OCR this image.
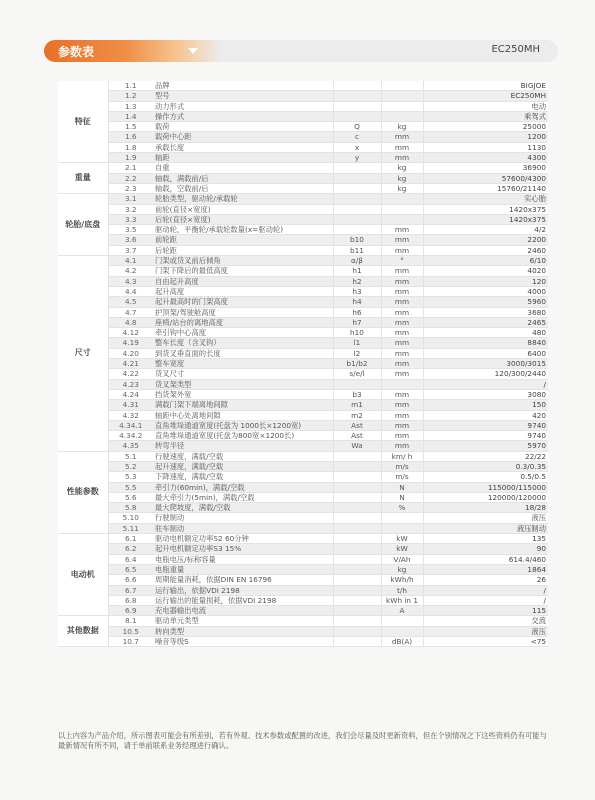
参数表	EC250MH
特征	1.1	品牌			BIGJOE
	1.2	型号			EC250MH
	1.3	动力形式			电动
	1.4	操作方式			乘驾式
	1.5	载荷	Q	kg	25000
	1.6	载荷中心距	c	mm	1200
	1.8	承载长度	x	mm	1130
	1.9	轴距	y	mm	4300
重量	2.1	自重		kg	36900
	2.2	轴载，满载前/后		kg	57600/4300
	2.3	轴载，空载前/后		kg	15760/21140
轮胎/底盘	3.1	轮胎类型，驱动轮/承载轮			实心胎
	3.2	前轮(直径×宽度)			1420x375
	3.3	后轮(直径×宽度)			1420x375
	3.5	驱动轮，平衡轮/承载轮数量(x=驱动轮)		mm	4/2
	3.6	前轮距	b10	mm	2200
	3.7	后轮距	b11	mm	2460
尺寸	4.1	门架或货叉前后倾角	α/β	°	6/10
	4.2	门架下降后的最低高度	h1	mm	4020
	4.3	自由起升高度	h2	mm	120
	4.4	起升高度	h3	mm	4000
	4.5	起升最高时的门架高度	h4	mm	5960
	4.7	护顶架/驾驶舱高度	h6	mm	3680
	4.8	座椅/站台的离地高度	h7	mm	2465
	4.12	牵引钩中心高度	h10	mm	480
	4.19	整车长度（含叉钩）	l1	mm	8840
	4.20	到货叉垂直面的长度	l2	mm	6400
	4.21	整车宽度	b1/b2	mm	3000/3015
	4.22	货叉尺寸	s/e/l	mm	120/300/2440
	4.23	货叉架类型			/
	4.24	挡货架外宽	b3	mm	3080
	4.31	满载门架下端离地间隙	m1	mm	150
	4.32	轴距中心处离地间隙	m2	mm	420
	4.34.1	直角堆垛通道宽度(托盘为 1000长×1200宽)	Ast	mm	9740
	4.34.2	直角堆垛通道宽度(托盘为800宽×1200长)	Ast	mm	9740
	4.35	转弯半径	Wa	mm	5970
性能参数	5.1	行驶速度，满载/空载		km/ h	22/22
	5.2	起升速度，满载/空载		m/s	0.3/0.35
	5.3	下降速度，满载/空载		m/s	0.5/0.5
	5.5	牵引力(60min)，满载/空载		N	115000/115000
	5.6	最大牵引力(5min)，满载/空载		N	120000/120000
	5.8	最大爬坡度，满载/空载		%	18/28
	5.10	行驶制动			液压
	5.11	驻车制动			液压制动
电动机	6.1	驱动电机额定功率S2 60分钟		kW	135
	6.2	起升电机额定功率S3 15%		kW	90
	6.4	电瓶电压/标称容量		V/Ah	614.4/460
	6.5	电瓶重量		kg	1864
	6.6	周期能量消耗，依据DIN EN 16796		kWh/h	26
	6.7	运行输出，依据VDI 2198		t/h	/
	6.8	运行输出的能量损耗，依据VDI 2198		kWh in 1	/
	6.9	充电器输出电流		A	115
其他数据	8.1	驱动单元类型			交流
	10.5	转向类型			液压
	10.7	噪音等级S		dB(A)	<75
以上内容为产品介绍，所示图表可能会有所差别，若有外观、技术参数或配置的改进，我们会尽量及时更新资料，但在个别情况之下这些资料仍有可能与最新情况有所不同，请于单前联系业务经理进行确认。
